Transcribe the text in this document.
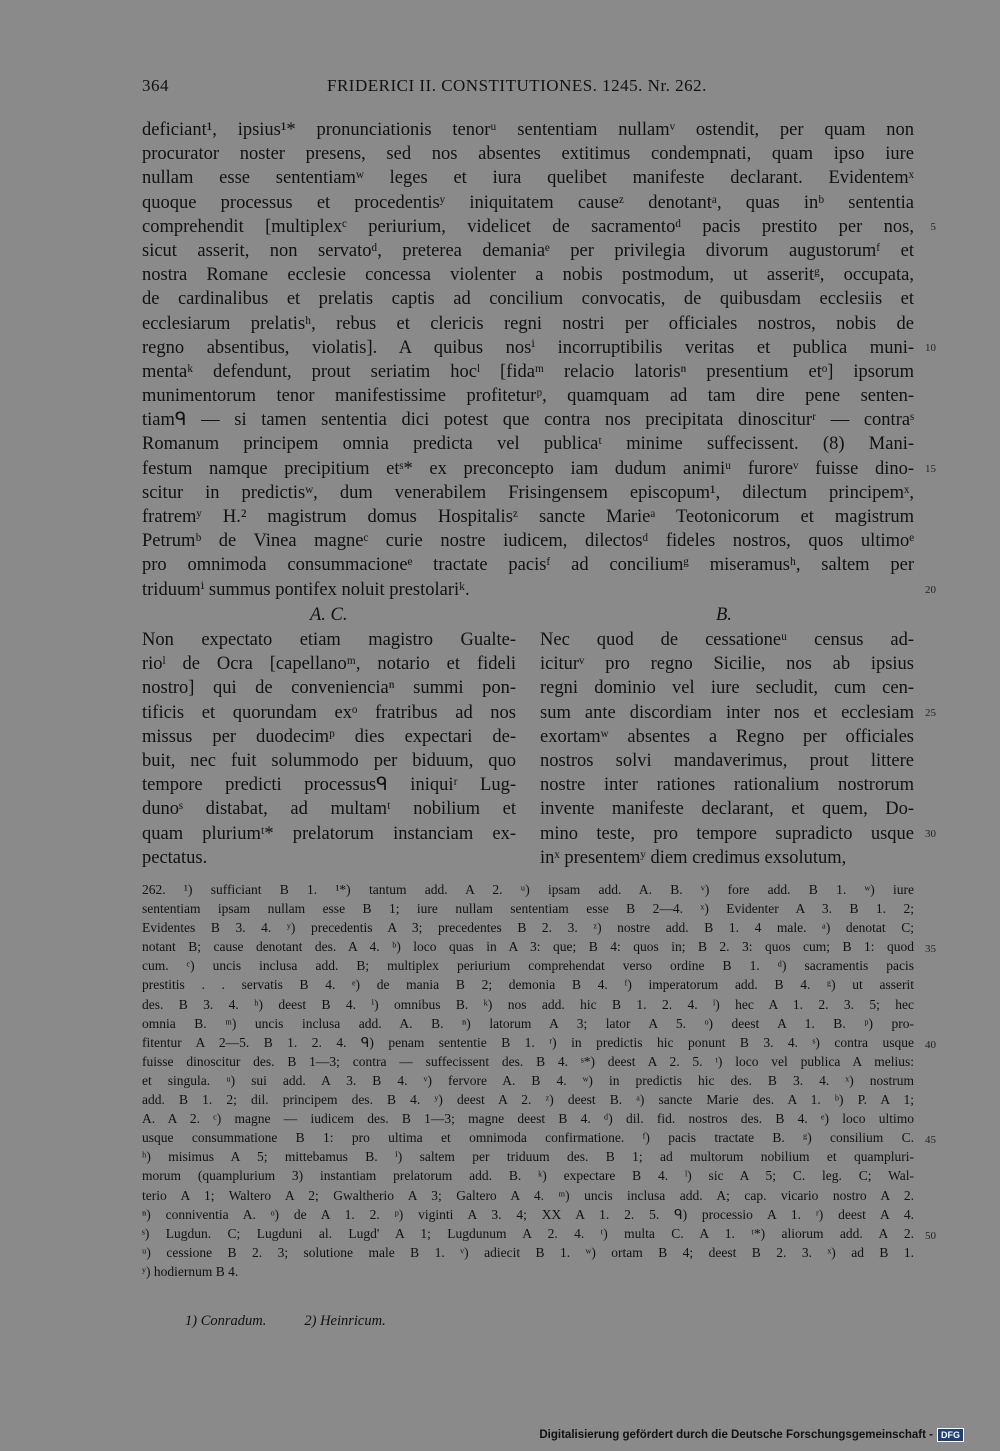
364	FRIDERICI II. CONSTITUTIONES. 1245. Nr. 262.
deficiant¹, ipsius¹* pronunciationis tenorᵘ sententiam nullamᵛ ostendit, per quam non
procurator noster presens, sed nos absentes extitimus condempnati, quam ipso iure
nullam esse sententiamʷ leges et iura quelibet manifeste declarant. Evidentemˣ
quoque processus et procedentisʸ iniquitatem causeᶻ denotantᵃ, quas inᵇ sententia
comprehendit [multiplexᶜ periurium, videlicet de sacramentoᵈ pacis prestito per nos,
sicut asserit, non servatoᵈ, preterea demaniaᵉ per privilegia divorum augustorumᶠ et
nostra Romane ecclesie concessa violenter a nobis postmodum, ut asseritᵍ, occupata,
de cardinalibus et prelatis captis ad concilium convocatis, de quibusdam ecclesiis et
ecclesiarum prelatisʰ, rebus et clericis regni nostri per officiales nostros, nobis de
regno absentibus, violatis]. A quibus nosⁱ incorruptibilis veritas et publica muni-
mentaᵏ defendunt, prout seriatim hocˡ [fidaᵐ relacio latorisⁿ presentium etᵒ] ipsorum
munimentorum tenor manifestissime profiteturᵖ, quamquam ad tam dire pene senten-
tiamᑫ — si tamen sententia dici potest que contra nos precipitata dinosciturʳ — contraˢ
Romanum principem omnia predicta vel publicaᵗ minime suffecissent. (8) Mani-
festum namque precipitium etˢ* ex preconcepto iam dudum animiᵘ furoreᵛ fuisse dino-
scitur in predictisʷ, dum venerabilem Frisingensem episcopum¹, dilectum principemˣ,
fratremʸ H.² magistrum domus Hospitalisᶻ sancte Marieᵃ Teotonicorum et magistrum
Petrumᵇ de Vinea magneᶜ curie nostre iudicem, dilectosᵈ fideles nostros, quos ultimoᵉ
pro omnimoda consummacioneᵉ tractate pacisᶠ ad conciliumᵍ miseramusʰ, saltem per
triduumⁱ summus pontifex noluit prestolariᵏ.
5
10
15
20
A. C.	B.
Non expectato etiam magistro Gualte-
rioˡ de Ocra [capellanoᵐ, notario et fideli
nostro] qui de convenienciaⁿ summi pon-
tificis et quorundam exᵒ fratribus ad nos
missus per duodecimᵖ dies expectari de-
buit, nec fuit solummodo per biduum, quo
tempore predicti processusᑫ iniquiʳ Lug-
dunoˢ distabat, ad multamᵗ nobilium et
quam pluriumᵗ* prelatorum instanciam ex-
pectatus.
Nec quod de cessationeᵘ census ad-
iciturᵛ pro regno Sicilie, nos ab ipsius
regni dominio vel iure secludit, cum cen-
sum ante discordiam inter nos et ecclesiam
exortamʷ absentes a Regno per officiales
nostros solvi mandaverimus, prout littere
nostre inter rationes rationalium nostrorum
invente manifeste declarant, et quem, Do-
mino teste, pro tempore supradicto usque
inˣ presentemʸ diem credimus exsolutum,
25
30
262. ¹) sufficiant B 1. ¹*) tantum add. A 2. ᵘ) ipsam add. A. B. ᵛ) fore add. B 1. ʷ) iure
sententiam ipsam nullam esse B 1; iure nullam sententiam esse B 2—4. ˣ) Evidenter A 3. B 1. 2;
Evidentes B 3. 4. ʸ) precedentis A 3; precedentes B 2. 3. ᶻ) nostre add. B 1. 4 male. ᵃ) denotat C;
notant B; cause denotant des. A 4. ᵇ) loco quas in A 3: que; B 4: quos in; B 2. 3: quos cum; B 1: quod
cum. ᶜ) uncis inclusa add. B; multiplex periurium comprehendat verso ordine B 1. ᵈ) sacramentis pacis
prestitis . . servatis B 4. ᵉ) de mania B 2; demonia B 4. ᶠ) imperatorum add. B 4. ᵍ) ut asserit
des. B 3. 4. ʰ) deest B 4. ⁱ) omnibus B. ᵏ) nos add. hic B 1. 2. 4. ˡ) hec A 1. 2. 3. 5; hec
omnia B. ᵐ) uncis inclusa add. A. B. ⁿ) latorum A 3; lator A 5. ᵒ) deest A 1. B. ᵖ) pro-
fitentur A 2—5. B 1. 2. 4. ᑫ) penam sententie B 1. ʳ) in predictis hic ponunt B 3. 4. ˢ) contra usque
fuisse dinoscitur des. B 1—3; contra — suffecissent des. B 4. ˢ*) deest A 2. 5. ᵗ) loco vel publica A melius:
et singula. ᵘ) sui add. A 3. B 4. ᵛ) fervore A. B 4. ʷ) in predictis hic des. B 3. 4. ˣ) nostrum
add. B 1. 2; dil. principem des. B 4. ʸ) deest A 2. ᶻ) deest B. ᵃ) sancte Marie des. A 1. ᵇ) P. A 1;
A. A 2. ᶜ) magne — iudicem des. B 1—3; magne deest B 4. ᵈ) dil. fid. nostros des. B 4. ᵉ) loco ultimo
usque consummatione B 1: pro ultima et omnimoda confirmatione. ᶠ) pacis tractate B. ᵍ) consilium C.
ʰ) misimus A 5; mittebamus B. ⁱ) saltem per triduum des. B 1; ad multorum nobilium et quampluri-
morum (quamplurium 3) instantiam prelatorum add. B. ᵏ) expectare B 4. ˡ) sic A 5; C. leg. C; Wal-
terio A 1; Waltero A 2; Gwaltherio A 3; Galtero A 4. ᵐ) uncis inclusa add. A; cap. vicario nostro A 2.
ⁿ) conniventia A. ᵒ) de A 1. 2. ᵖ) viginti A 3. 4; XX A 1. 2. 5. ᑫ) processio A 1. ʳ) deest A 4.
ˢ) Lugdun. C; Lugduni al. Lugd' A 1; Lugdunum A 2. 4. ᵗ) multa C. A 1. ᵗ*) aliorum add. A 2.
ᵘ) cessione B 2. 3; solutione male B 1. ᵛ) adiecit B 1. ʷ) ortam B 4; deest B 2. 3. ˣ) ad B 1.
ʸ) hodiernum B 4.
35
40
45
50
1) Conradum.	2) Heinricum.
Digitalisierung gefördert durch die Deutsche Forschungsgemeinschaft - DFG
